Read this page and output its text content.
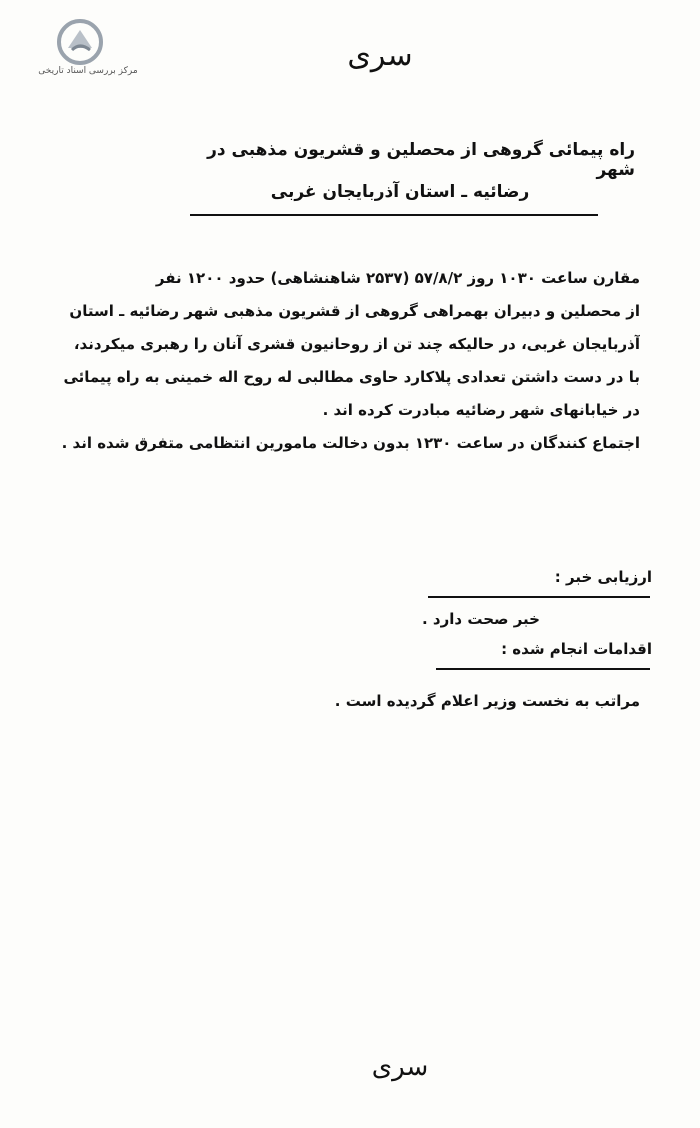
مرکز بررسی اسناد تاریخی	سری
راه پیمائی گروهی از محصلین و قشریون مذهبی در شهر
رضائیه ـ استان آذربایجان غربی
مقارن ساعت ۱۰۳۰ روز ۵۷/۸/۲ (۲۵۳۷ شاهنشاهی) حدود ۱۲۰۰ نفر
از محصلین و دبیران بهمراهی گروهی از قشریون مذهبی شهر رضائیه ـ استان
آذربایجان غربی، در حالیکه چند تن از روحانیون قشری آنان را رهبری میکردند،
با در دست داشتن تعدادی پلاکارد حاوی مطالبی له روح اله خمینی به راه پیمائی
در خیابانهای شهر رضائیه مبادرت کرده اند .
اجتماع کنندگان در ساعت ۱۲۳۰ بدون دخالت مامورین انتظامی متفرق شده اند .
ارزیابی خبر :
خبر صحت دارد .
اقدامات انجام شده :
مراتب به نخست وزیر اعلام گردیده است .
سری
